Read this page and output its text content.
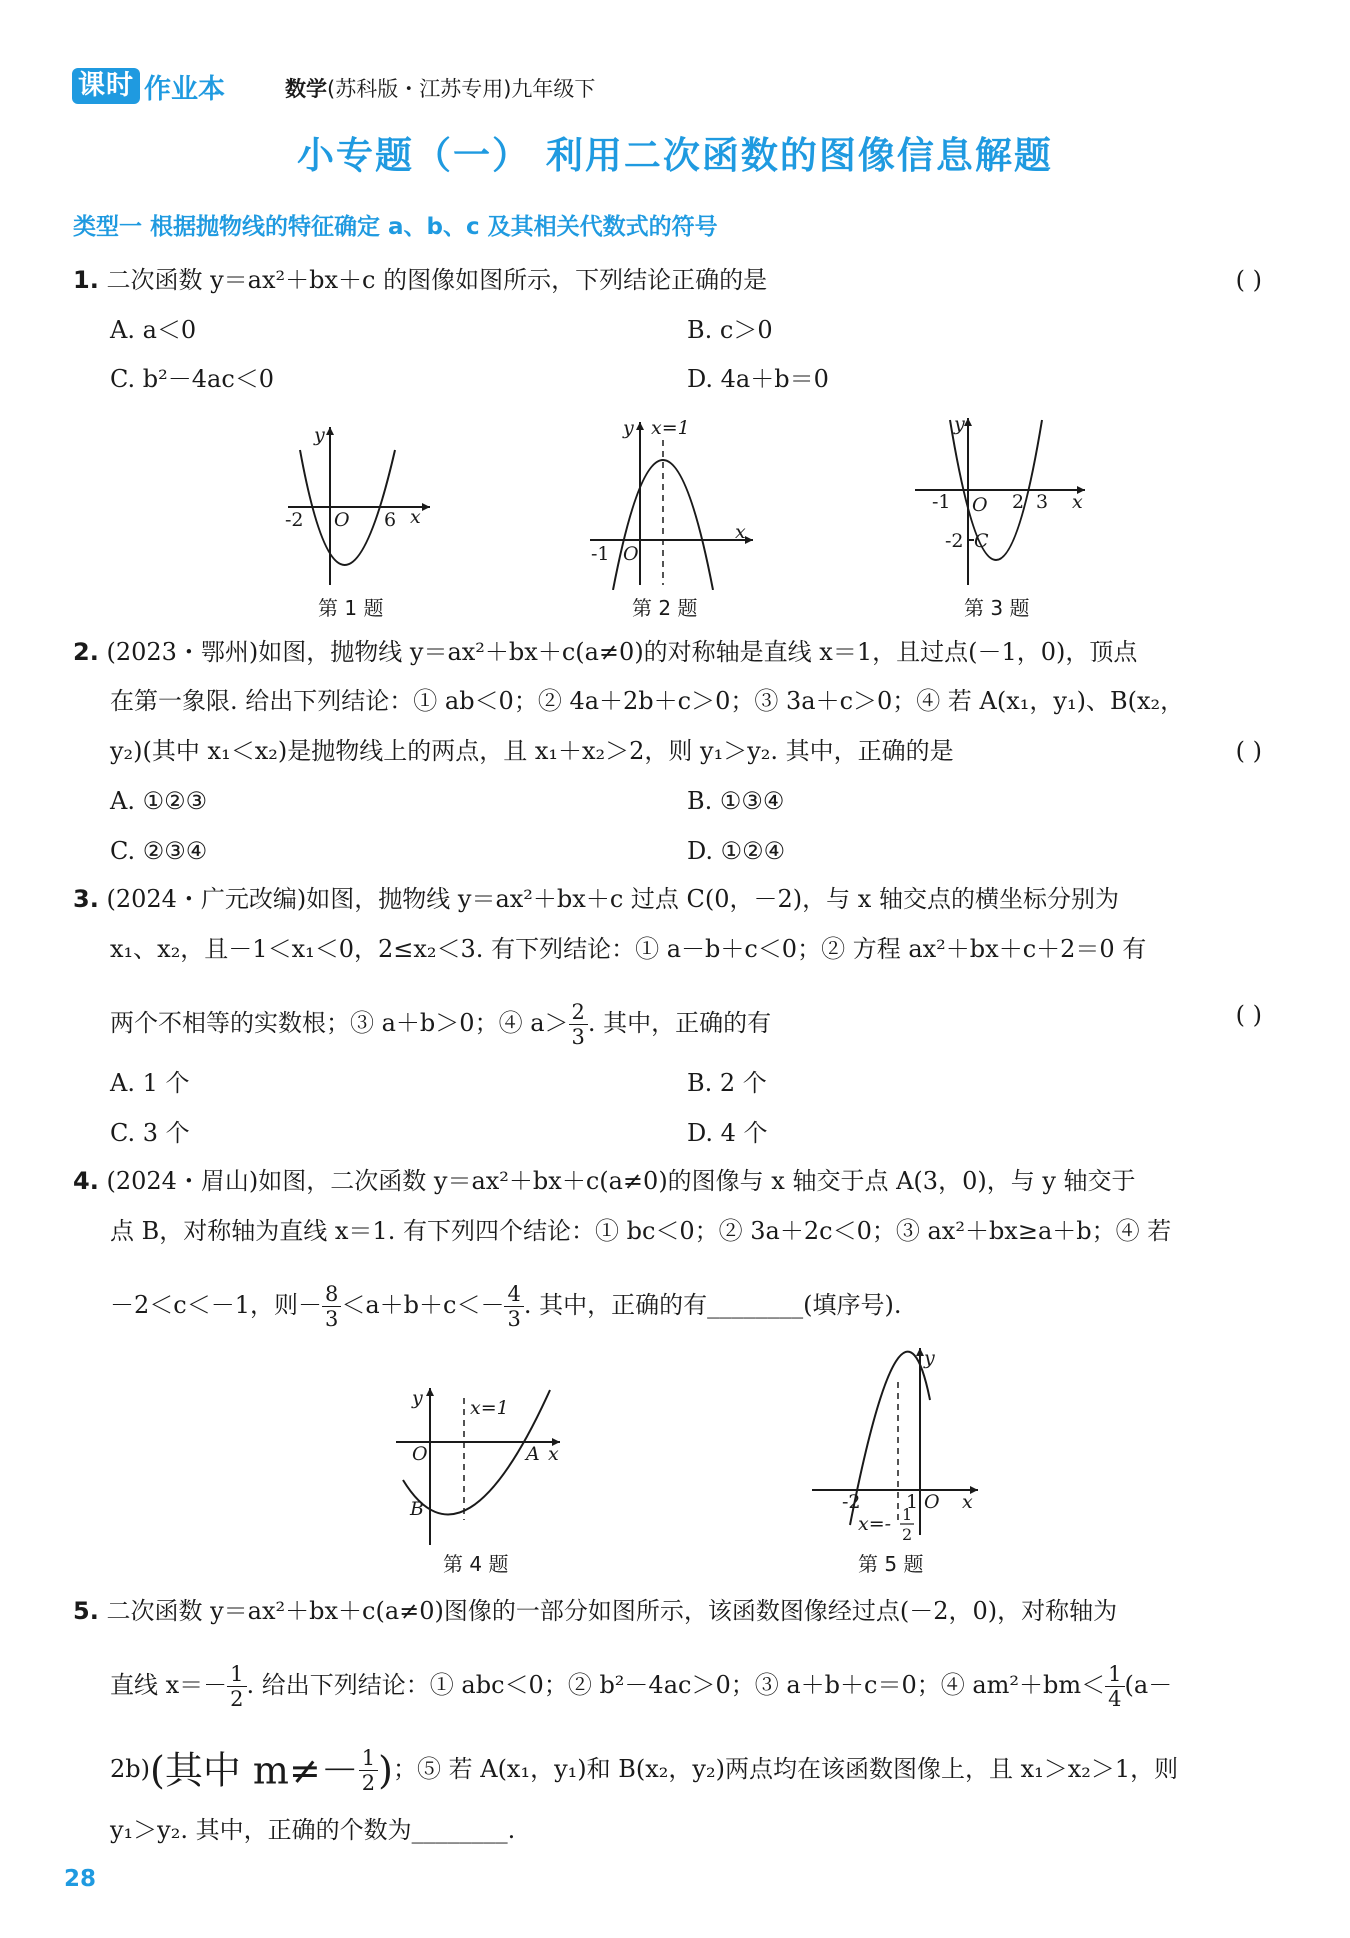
课时 作业本	数学(苏科版・江苏专用)九年级下
小专题（一） 利用二次函数的图像信息解题
类型一 根据抛物线的特征确定 a、b、c 及其相关代数式的符号
1. 二次函数 y＝ax²＋bx＋c 的图像如图所示，下列结论正确的是	( )
A. a＜0	B. c＞0
C. b²－4ac＜0	D. 4a＋b＝0
y
x
O
-2	6
第 1 题
y
x
O
-1
x=1
第 2 题
y
x
O
-1	2 3
-2 C
第 3 题
2. (2023・鄂州)如图，抛物线 y＝ax²＋bx＋c(a≠0)的对称轴是直线 x＝1，且过点(－1，0)，顶点
在第一象限. 给出下列结论：① ab＜0；② 4a＋2b＋c＞0；③ 3a＋c＞0；④ 若 A(x₁，y₁)、B(x₂，
y₂)(其中 x₁＜x₂)是抛物线上的两点，且 x₁＋x₂＞2，则 y₁＞y₂. 其中，正确的是	( )
A. ①②③	B. ①③④
C. ②③④	D. ①②④
3. (2024・广元改编)如图，抛物线 y＝ax²＋bx＋c 过点 C(0，－2)，与 x 轴交点的横坐标分别为
x₁、x₂，且－1＜x₁＜0，2≤x₂＜3. 有下列结论：① a－b＋c＜0；② 方程 ax²＋bx＋c＋2＝0 有
两个不相等的实数根；③ a＋b＞0；④ $a> \frac{2}{3}$ . 其中，正确的有	( )
A. 1 个	B. 2 个
C. 3 个	D. 4 个
4. (2024・眉山)如图，二次函数 y＝ax²＋bx＋c(a≠0)的图像与 x 轴交于点 A(3，0)，与 y 轴交于
点 B，对称轴为直线 x＝1. 有下列四个结论：① bc＜0；② 3a＋2c＜0；③ ax²＋bx≥a＋b；④ 若
－2＜c＜－1，则－ $\frac{8}{3} <a+b+c<- \frac{4}{3}$ . 其中，正确的有________(填序号).
y
x
O	A
B
x=1
第 4 题
y
x
O
-2 1
x=- 1
2
第 5 题
5. 二次函数 y＝ax²＋bx＋c(a≠0)图像的一部分如图所示，该函数图像经过点(－2，0)，对称轴为
直线 $x=- \frac{1}{2}$ . 给出下列结论：① abc＜0；② b²－4ac＞0；③ a＋b＋c＝0；④ $am^2+bm< \frac{1}{4} (a-$
2b)(其中 $m\ne- \frac{1}{2}$ )；⑤ 若 A(x₁，y₁)和 B(x₂，y₂)两点均在该函数图像上，且 x₁＞x₂＞1，则
y₁＞y₂. 其中，正确的个数为________.
28
